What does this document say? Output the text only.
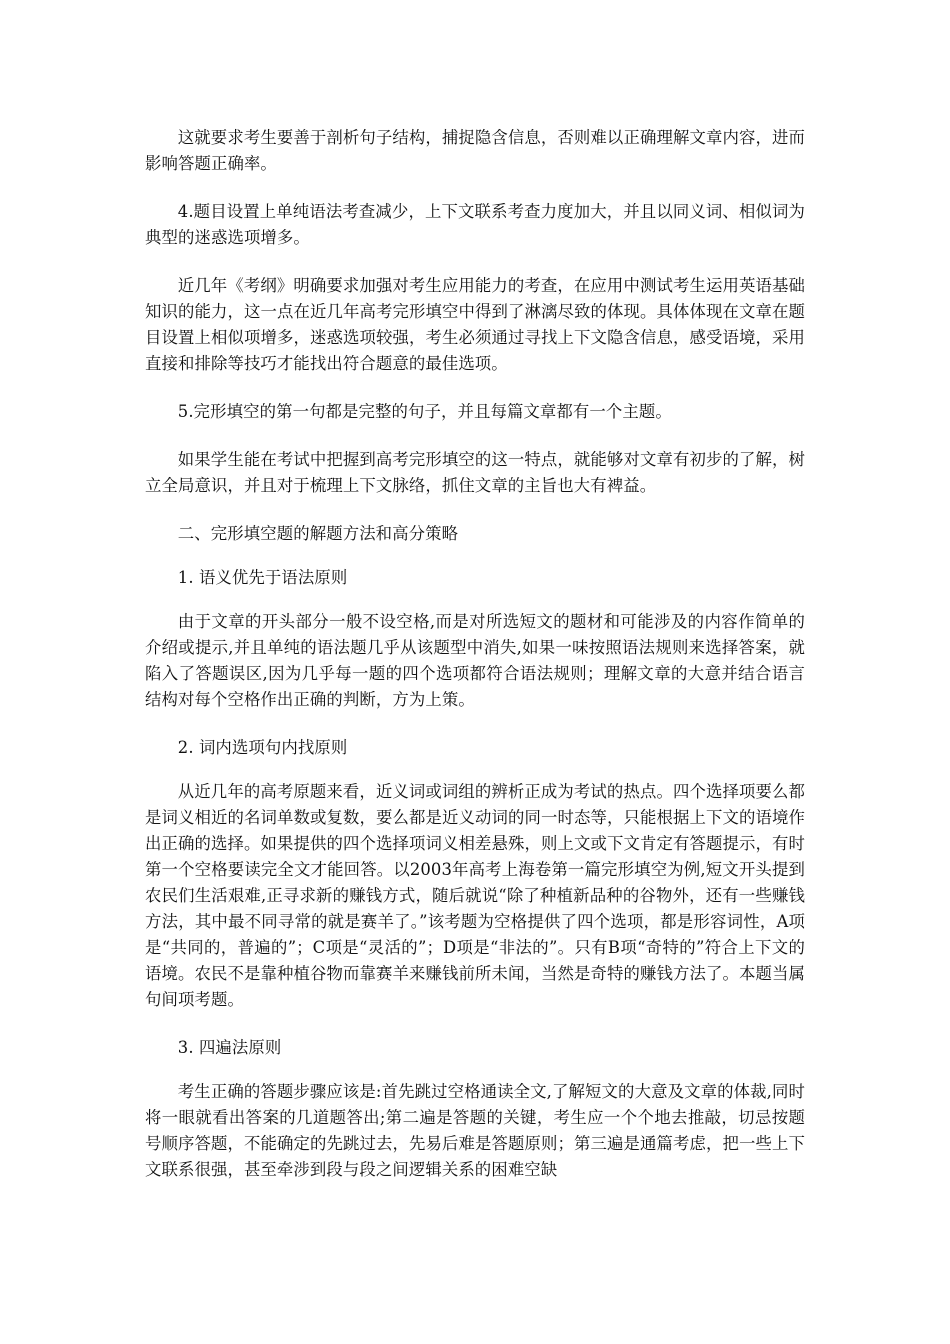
这就要求考生要善于剖析句子结构，捕捉隐含信息，否则难以正确理解文章内容，进而影响答题正确率。

4.题目设置上单纯语法考查减少，上下文联系考查力度加大，并且以同义词、相似词为典型的迷惑选项增多。

近几年《考纲》明确要求加强对考生应用能力的考查，在应用中测试考生运用英语基础知识的能力，这一点在近几年高考完形填空中得到了淋漓尽致的体现。具体体现在文章在题目设置上相似项增多，迷惑选项较强，考生必须通过寻找上下文隐含信息，感受语境，采用直接和排除等技巧才能找出符合题意的最佳选项。

5.完形填空的第一句都是完整的句子，并且每篇文章都有一个主题。

如果学生能在考试中把握到高考完形填空的这一特点，就能够对文章有初步的了解，树立全局意识，并且对于梳理上下文脉络，抓住文章的主旨也大有裨益。

二、完形填空题的解题方法和高分策略

1. 语义优先于语法原则

由于文章的开头部分一般不设空格,而是对所选短文的题材和可能涉及的内容作简单的介绍或提示,并且单纯的语法题几乎从该题型中消失,如果一味按照语法规则来选择答案，就陷入了答题误区,因为几乎每一题的四个选项都符合语法规则；理解文章的大意并结合语言结构对每个空格作出正确的判断，方为上策。

2. 词内选项句内找原则

从近几年的高考原题来看，近义词或词组的辨析正成为考试的热点。四个选择项要么都是词义相近的名词单数或复数，要么都是近义动词的同一时态等，只能根据上下文的语境作出正确的选择。如果提供的四个选择项词义相差悬殊，则上文或下文肯定有答题提示，有时第一个空格要读完全文才能回答。以2003年高考上海卷第一篇完形填空为例,短文开头提到农民们生活艰难,正寻求新的赚钱方式，随后就说“除了种植新品种的谷物外，还有一些赚钱方法，其中最不同寻常的就是赛羊了。”该考题为空格提供了四个选项，都是形容词性，A项是“共同的，普遍的”；C项是“灵活的”；D项是“非法的”。只有B项“奇特的”符合上下文的语境。农民不是靠种植谷物而靠赛羊来赚钱前所未闻，当然是奇特的赚钱方法了。本题当属句间项考题。

3. 四遍法原则

考生正确的答题步骤应该是:首先跳过空格通读全文,了解短文的大意及文章的体裁,同时将一眼就看出答案的几道题答出;第二遍是答题的关键，考生应一个个地去推敲，切忌按题号顺序答题，不能确定的先跳过去，先易后难是答题原则；第三遍是通篇考虑，把一些上下文联系很强，甚至牵涉到段与段之间逻辑关系的困难空缺
